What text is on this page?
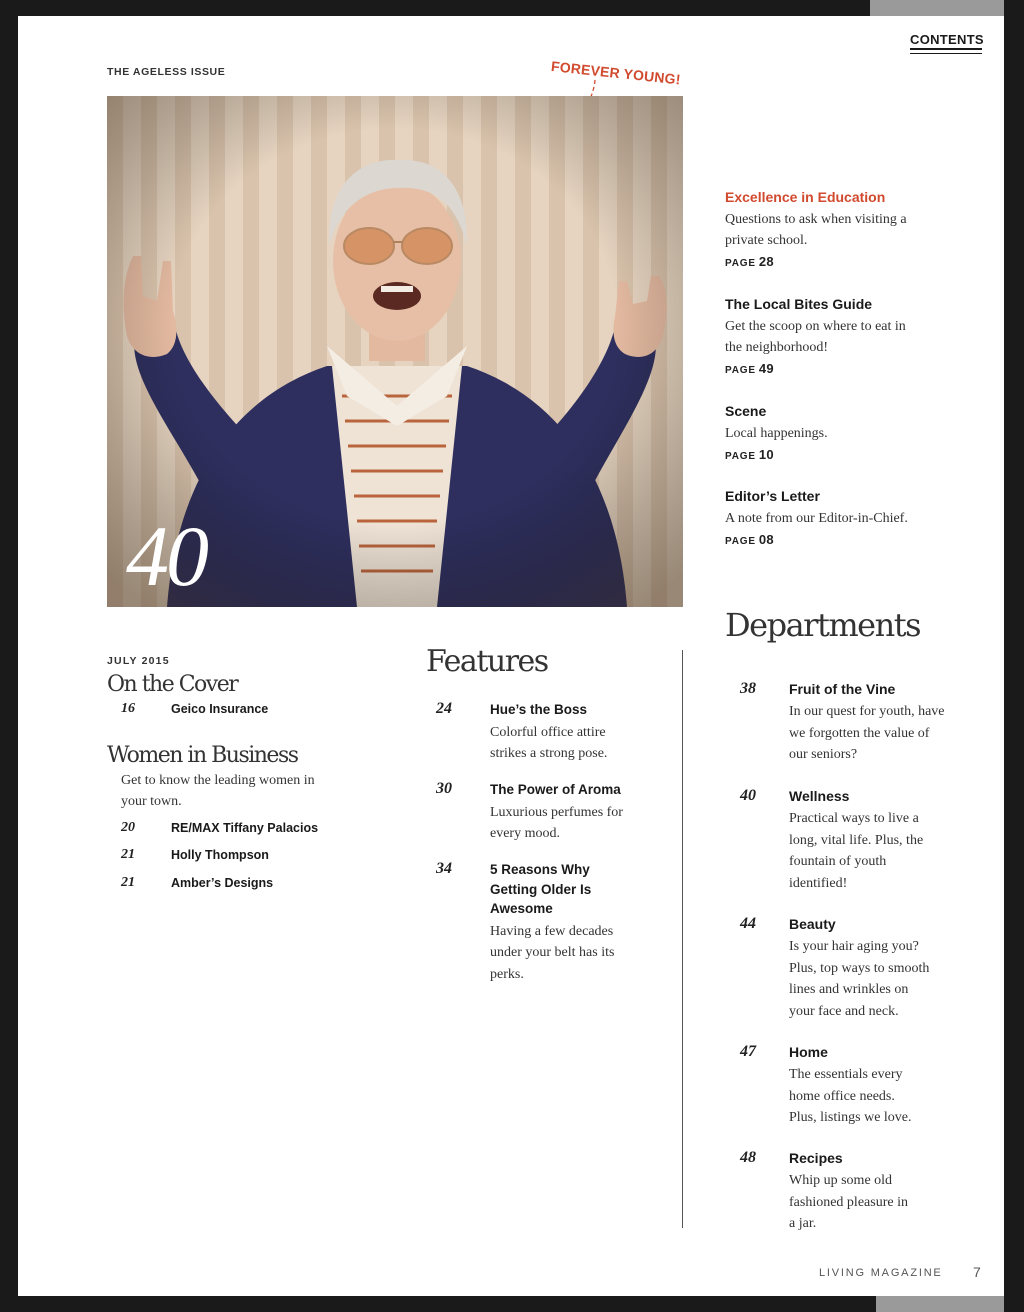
CONTENTS
THE AGELESS ISSUE	FOREVER YOUNG!
40
Excellence in Education
Questions to ask when visiting a private school.
PAGE 28
The Local Bites Guide
Get the scoop on where to eat in the neighborhood!
PAGE 49
Scene
Local happenings.
PAGE 10
Editor’s Letter
A note from our Editor-in-Chief.
PAGE 08
JULY 2015
On the Cover
16	Geico Insurance
Women in Business
Get to know the leading women in your town.
20	RE/MAX Tiffany Palacios
21	Holly Thompson
21	Amber’s Designs
Features
24	Hue’s the Boss
Colorful office attire strikes a strong pose.
30	The Power of Aroma
Luxurious perfumes for every mood.
34	5 Reasons Why Getting Older Is Awesome
Having a few decades under your belt has its perks.
Departments
38 Fruit of the Vine
In our quest for youth, have we forgotten the value of our seniors?
40 Wellness
Practical ways to live a long, vital life. Plus, the fountain of youth identified!
44 Beauty
Is your hair aging you? Plus, top ways to smooth lines and wrinkles on your face and neck.
47 Home
The essentials every home office needs. Plus, listings we love.
48 Recipes
Whip up some old fashioned pleasure in a jar.
LIVING MAGAZINE 7
